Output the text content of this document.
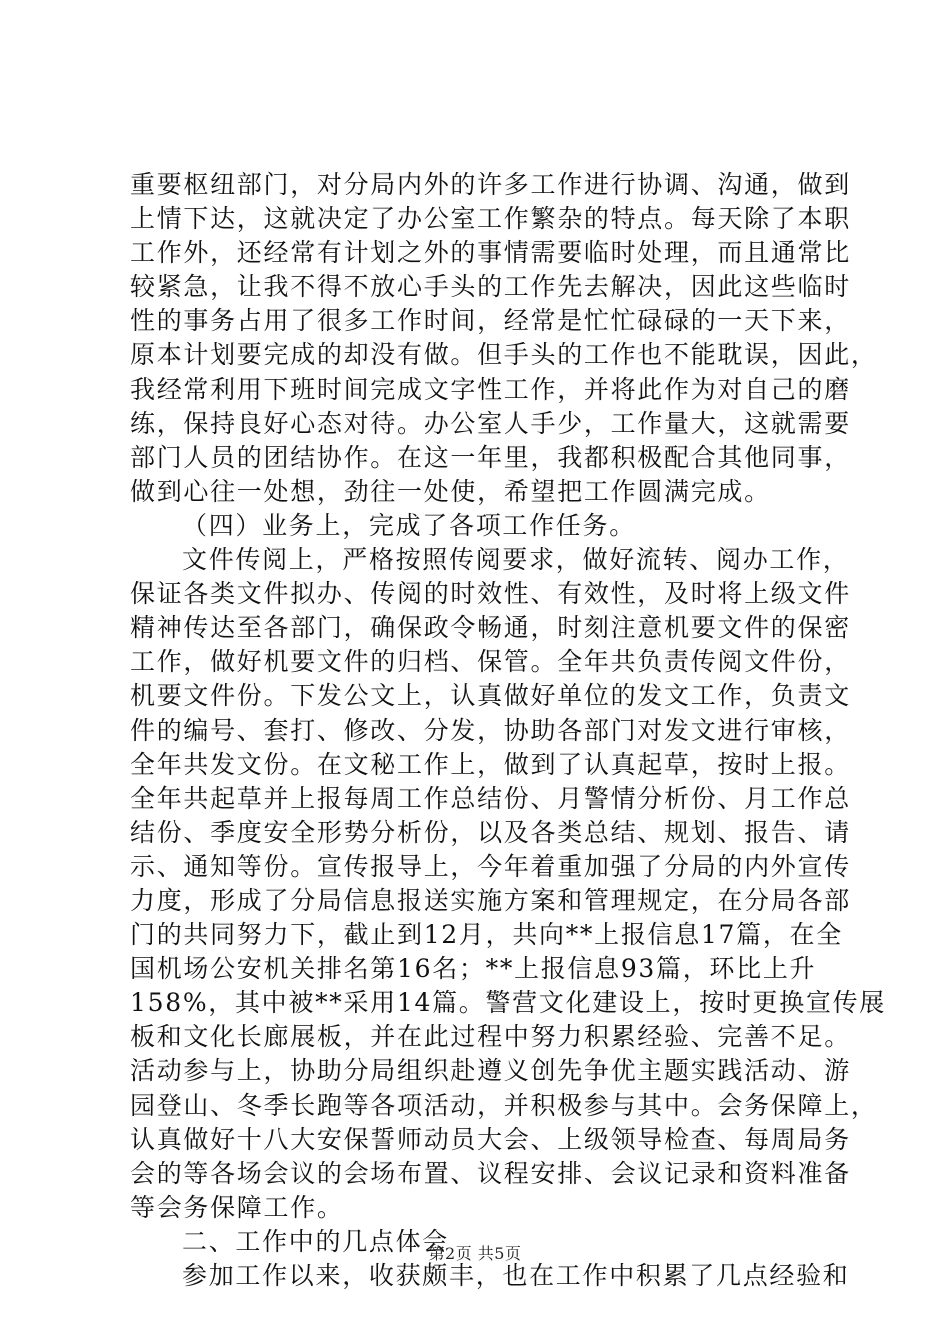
重要枢纽部门，对分局内外的许多工作进行协调、沟通，做到
上情下达，这就决定了办公室工作繁杂的特点。每天除了本职
工作外，还经常有计划之外的事情需要临时处理，而且通常比
较紧急，让我不得不放心手头的工作先去解决，因此这些临时
性的事务占用了很多工作时间，经常是忙忙碌碌的一天下来，
原本计划要完成的却没有做。但手头的工作也不能耽误，因此，
我经常利用下班时间完成文字性工作，并将此作为对自己的磨
练，保持良好心态对待。办公室人手少，工作量大，这就需要
部门人员的团结协作。在这一年里，我都积极配合其他同事，
做到心往一处想，劲往一处使，希望把工作圆满完成。
（四）业务上，完成了各项工作任务。
文件传阅上，严格按照传阅要求，做好流转、阅办工作，
保证各类文件拟办、传阅的时效性、有效性，及时将上级文件
精神传达至各部门，确保政令畅通，时刻注意机要文件的保密
工作，做好机要文件的归档、保管。全年共负责传阅文件份，
机要文件份。下发公文上，认真做好单位的发文工作，负责文
件的编号、套打、修改、分发，协助各部门对发文进行审核，
全年共发文份。在文秘工作上，做到了认真起草，按时上报。
全年共起草并上报每周工作总结份、月警情分析份、月工作总
结份、季度安全形势分析份，以及各类总结、规划、报告、请
示、通知等份。宣传报导上，今年着重加强了分局的内外宣传
力度，形成了分局信息报送实施方案和管理规定，在分局各部
门的共同努力下，截止到12月，共向**上报信息17篇，在全
国机场公安机关排名第16名；**上报信息93篇，环比上升
158%，其中被**采用14篇。警营文化建设上，按时更换宣传展
板和文化长廊展板，并在此过程中努力积累经验、完善不足。
活动参与上，协助分局组织赴遵义创先争优主题实践活动、游
园登山、冬季长跑等各项活动，并积极参与其中。会务保障上，
认真做好十八大安保誓师动员大会、上级领导检查、每周局务
会的等各场会议的会场布置、议程安排、会议记录和资料准备
等会务保障工作。
二、工作中的几点体会
参加工作以来，收获颇丰，也在工作中积累了几点经验和
第2页 共5页
